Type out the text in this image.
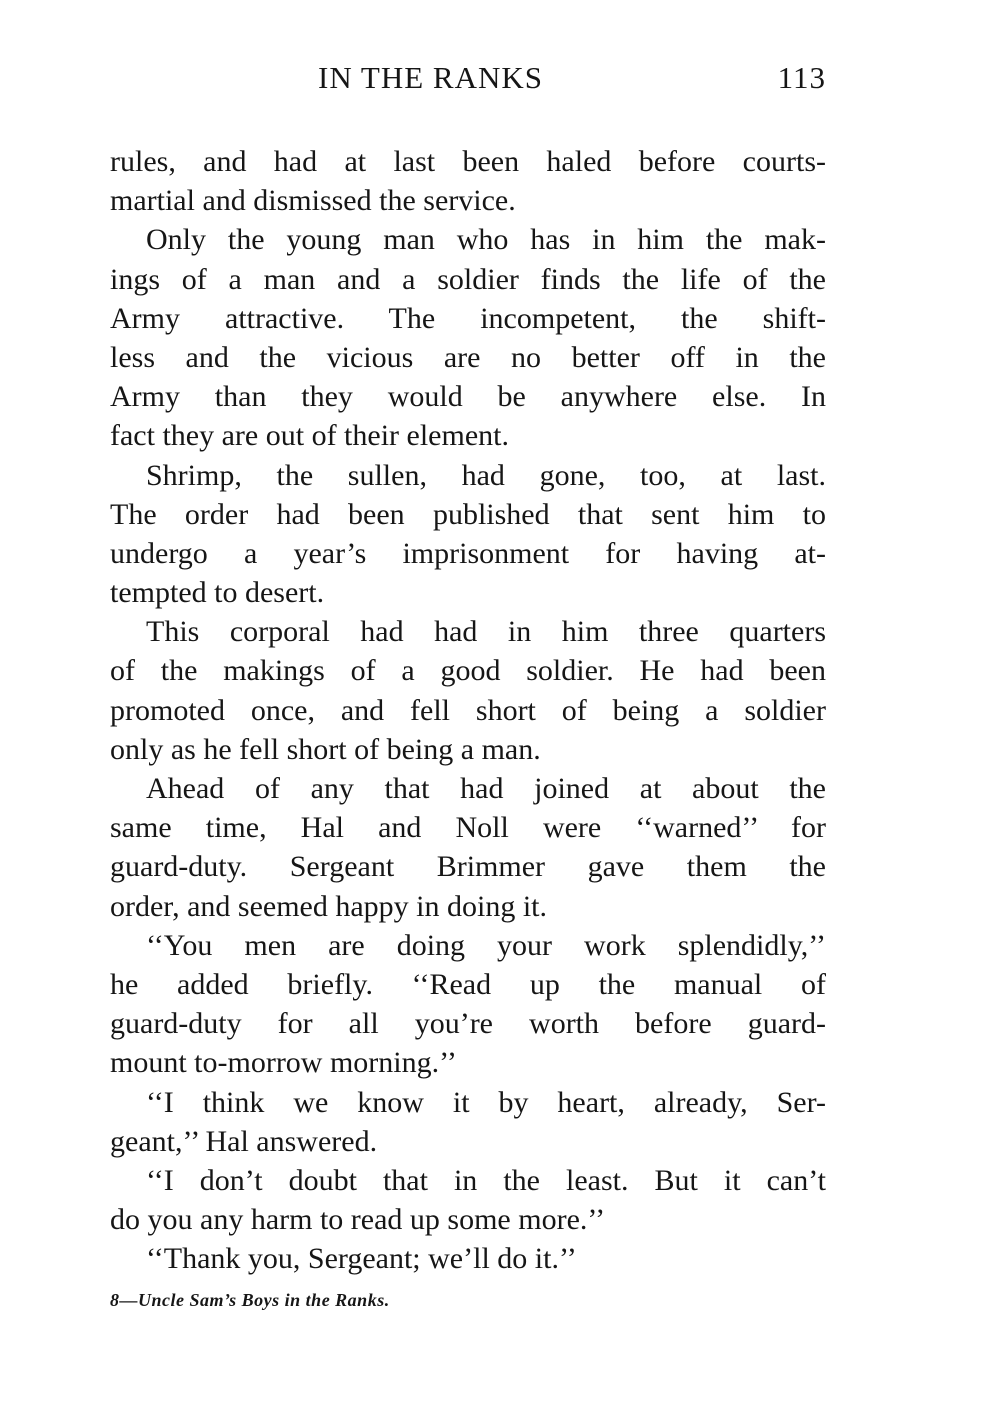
IN THE RANKS	113
rules, and had at last been haled before courts-
martial and dismissed the service.
Only the young man who has in him the mak-
ings of a man and a soldier finds the life of the
Army attractive. The incompetent, the shift-
less and the vicious are no better off in the
Army than they would be anywhere else. In
fact they are out of their element.
Shrimp, the sullen, had gone, too, at last.
The order had been published that sent him to
undergo a year’s imprisonment for having at-
tempted to desert.
This corporal had had in him three quarters
of the makings of a good soldier. He had been
promoted once, and fell short of being a soldier
only as he fell short of being a man.
Ahead of any that had joined at about the
same time, Hal and Noll were ‘‘warned’’ for
guard-duty. Sergeant Brimmer gave them the
order, and seemed happy in doing it.
‘‘You men are doing your work splendidly,’’
he added briefly. ‘‘Read up the manual of
guard-duty for all you’re worth before guard-
mount to-morrow morning.’’
‘‘I think we know it by heart, already, Ser-
geant,’’ Hal answered.
‘‘I don’t doubt that in the least. But it can’t
do you any harm to read up some more.’’
‘‘Thank you, Sergeant; we’ll do it.’’
8—Uncle Sam’s Boys in the Ranks.
